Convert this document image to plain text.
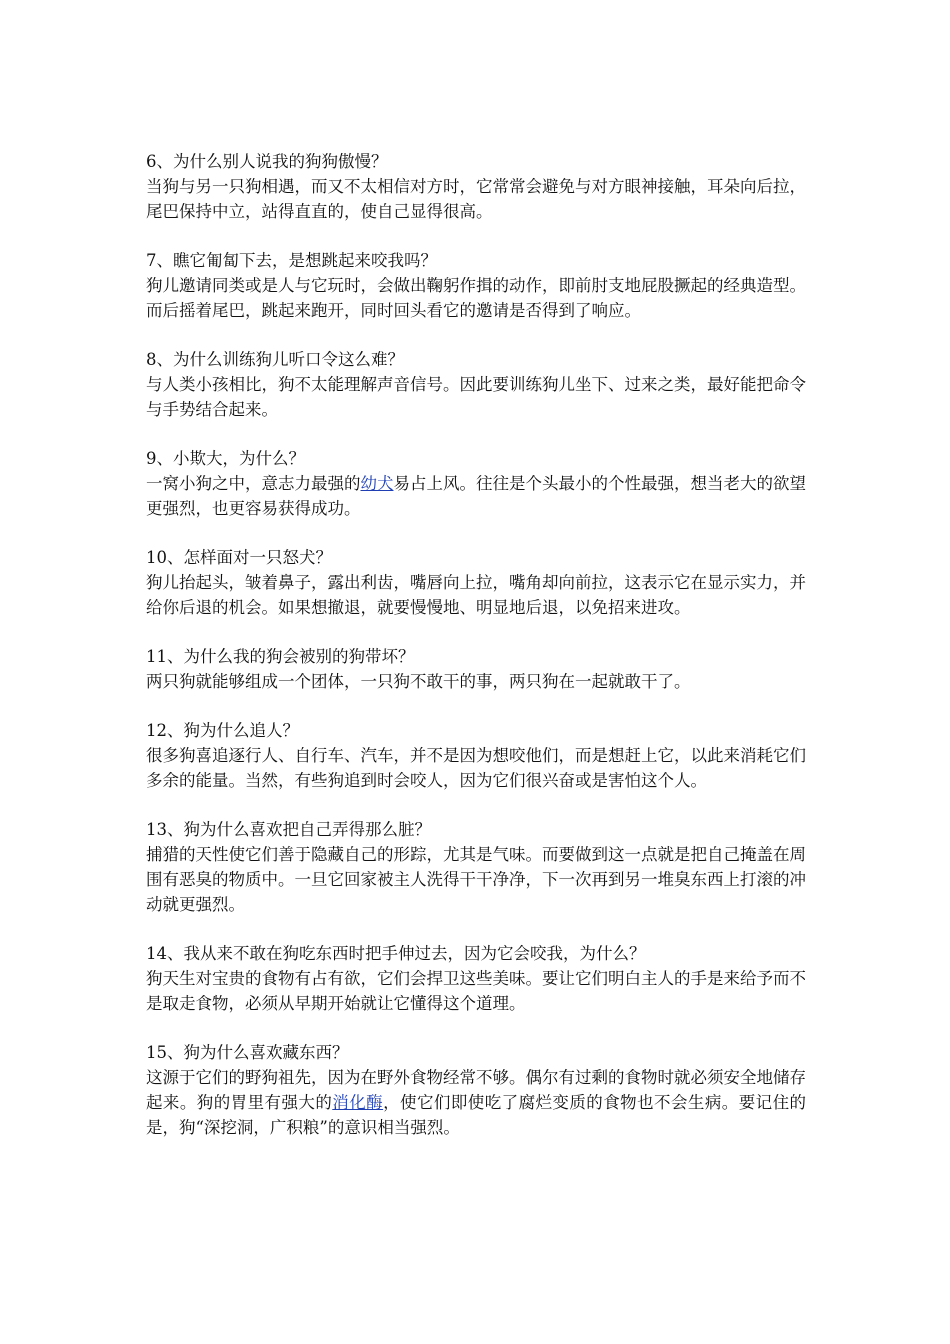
6、为什么别人说我的狗狗傲慢？

当狗与另一只狗相遇，而又不太相信对方时，它常常会避免与对方眼神接触，耳朵向后拉，尾巴保持中立，站得直直的，使自己显得很高。

7、瞧它匍匐下去，是想跳起来咬我吗？

狗儿邀请同类或是人与它玩时，会做出鞠躬作揖的动作，即前肘支地屁股撅起的经典造型。而后摇着尾巴，跳起来跑开，同时回头看它的邀请是否得到了响应。

8、为什么训练狗儿听口令这么难？

与人类小孩相比，狗不太能理解声音信号。因此要训练狗儿坐下、过来之类，最好能把命令与手势结合起来。

9、小欺大，为什么？

一窝小狗之中，意志力最强的幼犬易占上风。往往是个头最小的个性最强，想当老大的欲望更强烈，也更容易获得成功。

10、怎样面对一只怒犬？

狗儿抬起头，皱着鼻子，露出利齿，嘴唇向上拉，嘴角却向前拉，这表示它在显示实力，并给你后退的机会。如果想撤退，就要慢慢地、明显地后退，以免招来进攻。

11、为什么我的狗会被别的狗带坏？

两只狗就能够组成一个团体，一只狗不敢干的事，两只狗在一起就敢干了。

12、狗为什么追人？

很多狗喜追逐行人、自行车、汽车，并不是因为想咬他们，而是想赶上它，以此来消耗它们多余的能量。当然，有些狗追到时会咬人，因为它们很兴奋或是害怕这个人。

13、狗为什么喜欢把自己弄得那么脏？

捕猎的天性使它们善于隐藏自己的形踪，尤其是气味。而要做到这一点就是把自己掩盖在周围有恶臭的物质中。一旦它回家被主人洗得干干净净，下一次再到另一堆臭东西上打滚的冲动就更强烈。

14、我从来不敢在狗吃东西时把手伸过去，因为它会咬我，为什么？

狗天生对宝贵的食物有占有欲，它们会捍卫这些美味。要让它们明白主人的手是来给予而不是取走食物，必须从早期开始就让它懂得这个道理。

15、狗为什么喜欢藏东西？

这源于它们的野狗祖先，因为在野外食物经常不够。偶尔有过剩的食物时就必须安全地储存起来。狗的胃里有强大的消化酶，使它们即使吃了腐烂变质的食物也不会生病。要记住的是，狗“深挖洞，广积粮”的意识相当强烈。
